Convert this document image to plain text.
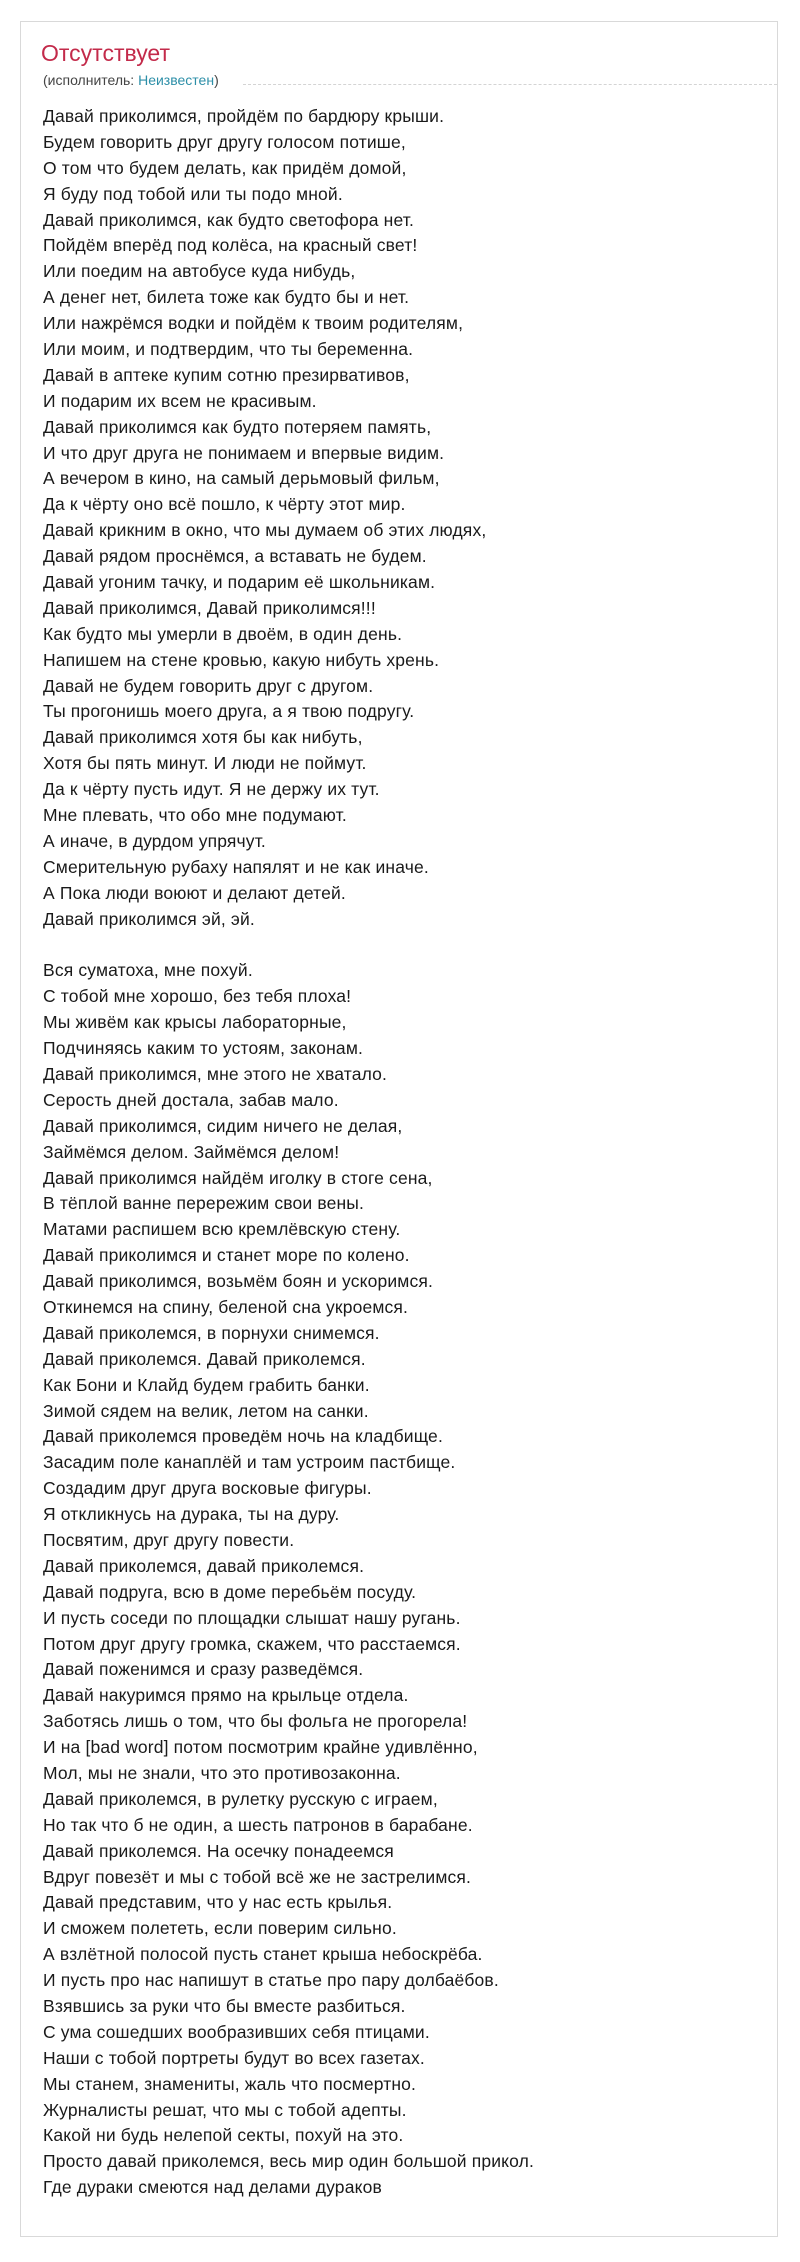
Отсутствует
(исполнитель: Неизвестен)
Давай приколимся, пройдём по бардюру крыши.
Будем говорить друг другу голосом потише,
О том что будем делать, как придём домой,
Я буду под тобой или ты подо мной.
Давай приколимся, как будто светофора нет.
Пойдём вперёд под колёса, на красный свет!
Или поедим на автобусе куда нибудь,
А денег нет, билета тоже как будто бы и нет.
Или нажрёмся водки и пойдём к твоим родителям,
Или моим, и подтвердим, что ты беременна.
Давай в аптеке купим сотню презирвативов,
И подарим их всем не красивым.
Давай приколимся как будто потеряем память,
И что друг друга не понимаем и впервые видим.
А вечером в кино, на самый дерьмовый фильм,
Да к чёрту оно всё пошло, к чёрту этот мир.
Давай крикним в окно, что мы думаем об этих людях,
Давай рядом проснёмся, а вставать не будем.
Давай угоним тачку, и подарим её школьникам.
Давай приколимся, Давай приколимся!!!
Как будто мы умерли в двоём, в один день.
Напишем на стене кровью, какую нибуть хрень.
Давай не будем говорить друг с другом.
Ты прогонишь моего друга, а я твою подругу.
Давай приколимся хотя бы как нибуть,
Хотя бы пять минут. И люди не поймут.
Да к чёрту пусть идут. Я не держу их тут.
Мне плевать, что обо мне подумают.
А иначе, в дурдом упрячут.
Смерительную рубаху напялят и не как иначе.
А Пока люди воюют и делают детей.
Давай приколимся эй, эй.
Вся суматоха, мне похуй.
С тобой мне хорошо, без тебя плоха!
Мы живём как крысы лабораторные,
Подчиняясь каким то устоям, законам.
Давай приколимся, мне этого не хватало.
Серость дней достала, забав мало.
Давай приколимся, сидим ничего не делая,
Займёмся делом. Займёмся делом!
Давай приколимся найдём иголку в стоге сена,
В тёплой ванне перережим свои вены.
Матами распишем всю кремлёвскую стену.
Давай приколимся и станет море по колено.
Давай приколимся, возьмём боян и ускоримся.
Откинемся на спину, беленой сна укроемся.
Давай приколемся, в порнухи снимемся.
Давай приколемся. Давай приколемся.
Как Бони и Клайд будем грабить банки.
Зимой сядем на велик, летом на санки.
Давай приколемся проведём ночь на кладбище.
Засадим поле канаплёй и там устроим пастбище.
Создадим друг друга восковые фигуры.
Я откликнусь на дурака, ты на дуру.
Посвятим, друг другу повести.
Давай приколемся, давай приколемся.
Давай подруга, всю в доме перебьём посуду.
И пусть соседи по площадки слышат нашу ругань.
Потом друг другу громка, скажем, что расстаемся.
Давай поженимся и сразу разведёмся.
Давай накуримся прямо на крыльце отдела.
Заботясь лишь о том, что бы фольга не прогорела!
И на [bad word] потом посмотрим крайне удивлённо,
Мол, мы не знали, что это противозаконна.
Давай приколемся, в рулетку русскую с играем,
Но так что б не один, а шесть патронов в барабане.
Давай приколемся. На осечку понадеемся
Вдруг повезёт и мы с тобой всё же не застрелимся.
Давай представим, что у нас есть крылья.
И сможем полететь, если поверим сильно.
А взлётной полосой пусть станет крыша небоскрёба.
И пусть про нас напишут в статье про пару долбаёбов.
Взявшись за руки что бы вместе разбиться.
С ума сошедших вообразивших себя птицами.
Наши с тобой портреты будут во всех газетах.
Мы станем, знамениты, жаль что посмертно.
Журналисты решат, что мы с тобой адепты.
Какой ни будь нелепой секты, похуй на это.
Просто давай приколемся, весь мир один большой прикол.
Где дураки смеются над делами дураков
